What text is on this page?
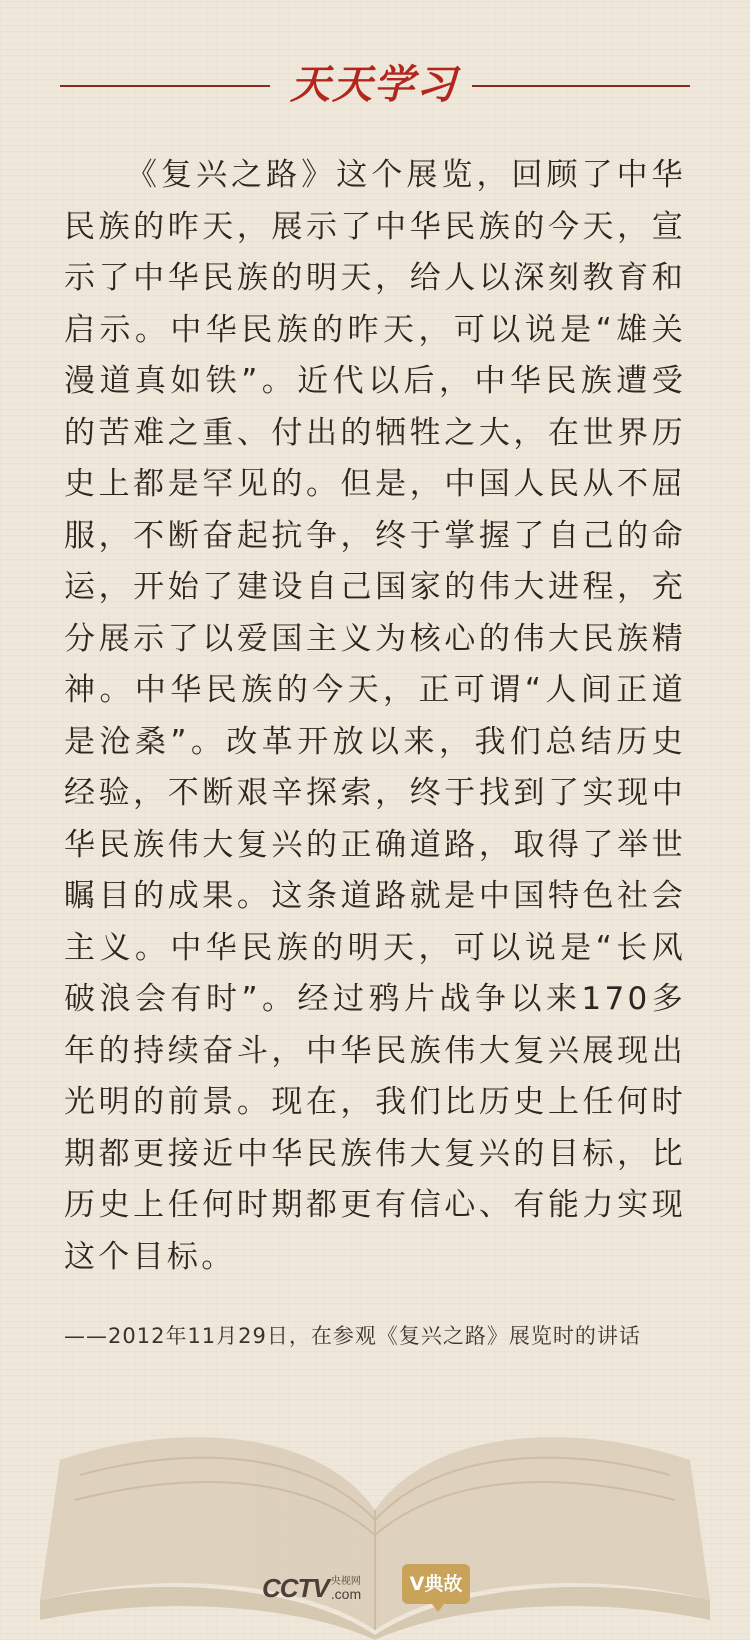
天天学习

《复兴之路》这个展览，回顾了中华民族的昨天，展示了中华民族的今天，宣示了中华民族的明天，给人以深刻教育和启示。中华民族的昨天，可以说是“雄关漫道真如铁”。近代以后，中华民族遭受的苦难之重、付出的牺牲之大，在世界历史上都是罕见的。但是，中国人民从不屈服，不断奋起抗争，终于掌握了自己的命运，开始了建设自己国家的伟大进程，充分展示了以爱国主义为核心的伟大民族精神。中华民族的今天，正可谓“人间正道是沧桑”。改革开放以来，我们总结历史经验，不断艰辛探索，终于找到了实现中华民族伟大复兴的正确道路，取得了举世瞩目的成果。这条道路就是中国特色社会主义。中华民族的明天，可以说是“长风破浪会有时”。经过鸦片战争以来170多年的持续奋斗，中华民族伟大复兴展现出光明的前景。现在，我们比历史上任何时期都更接近中华民族伟大复兴的目标，比历史上任何时期都更有信心、有能力实现这个目标。

——2012年11月29日，在参观《复兴之路》展览时的讲话

CCTV 央视网
.com	V典故
